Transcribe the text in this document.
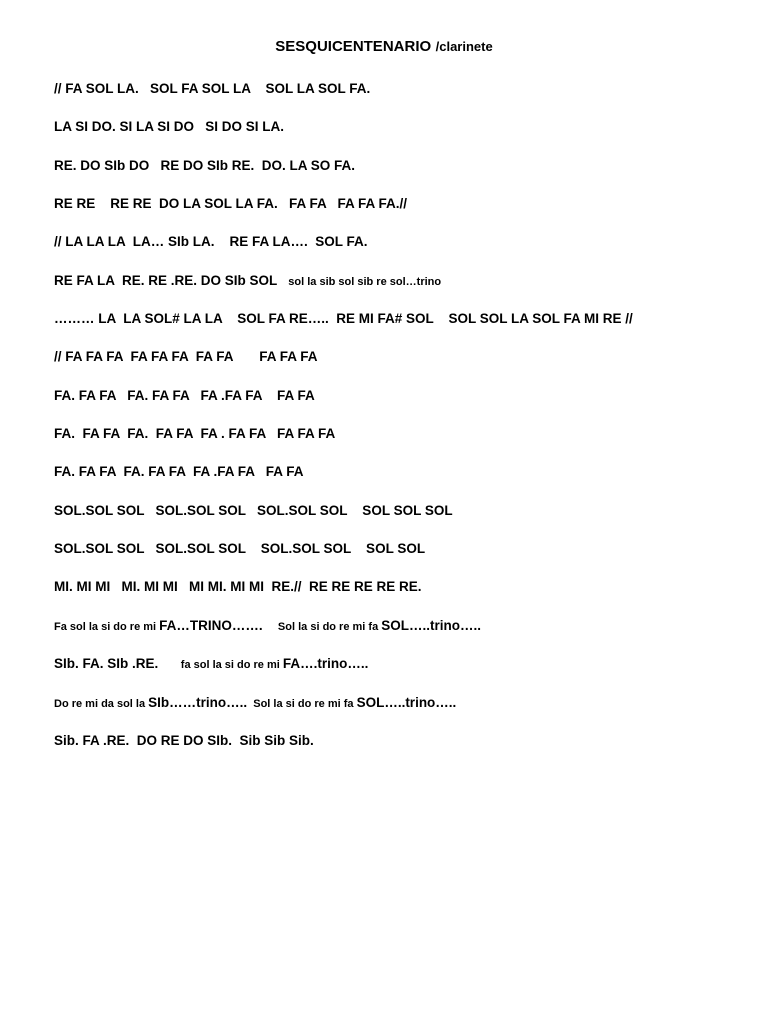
SESQUICENTENARIO /clarinete
// FA SOL LA.   SOL FA SOL LA    SOL LA SOL FA.
LA SI DO. SI LA SI DO   SI DO SI LA.
RE. DO SIb DO   RE DO SIb RE.  DO. LA SO FA.
RE RE    RE RE  DO LA SOL LA FA.   FA FA   FA FA FA.//
// LA LA LA  LA… SIb LA.    RE FA LA….  SOL FA.
RE FA LA  RE. RE .RE. DO SIb SOL   sol la sib sol sib re sol…trino
……… LA  LA SOL# LA LA    SOL FA RE…..  RE MI FA# SOL    SOL SOL LA SOL FA MI RE //
// FA FA FA  FA FA FA  FA FA       FA FA FA
FA. FA FA   FA. FA FA   FA .FA FA    FA FA
FA.  FA FA  FA.  FA FA  FA . FA FA   FA FA FA
FA. FA FA  FA. FA FA  FA .FA FA   FA FA
SOL.SOL SOL   SOL.SOL SOL   SOL.SOL SOL    SOL SOL SOL
SOL.SOL SOL   SOL.SOL SOL    SOL.SOL SOL    SOL SOL
MI. MI MI   MI. MI MI   MI MI. MI MI  RE.//  RE RE RE RE RE.
Fa sol la si do re mi FA…TRINO…….     Sol la si do re mi fa SOL…..trino…..
SIb. FA. SIb .RE.      fa sol la si do re mi FA….trino…..
Do re mi da sol la SIb……trino…..  Sol la si do re mi fa SOL…..trino…..
Sib. FA .RE.  DO RE DO SIb.  Sib Sib Sib.
